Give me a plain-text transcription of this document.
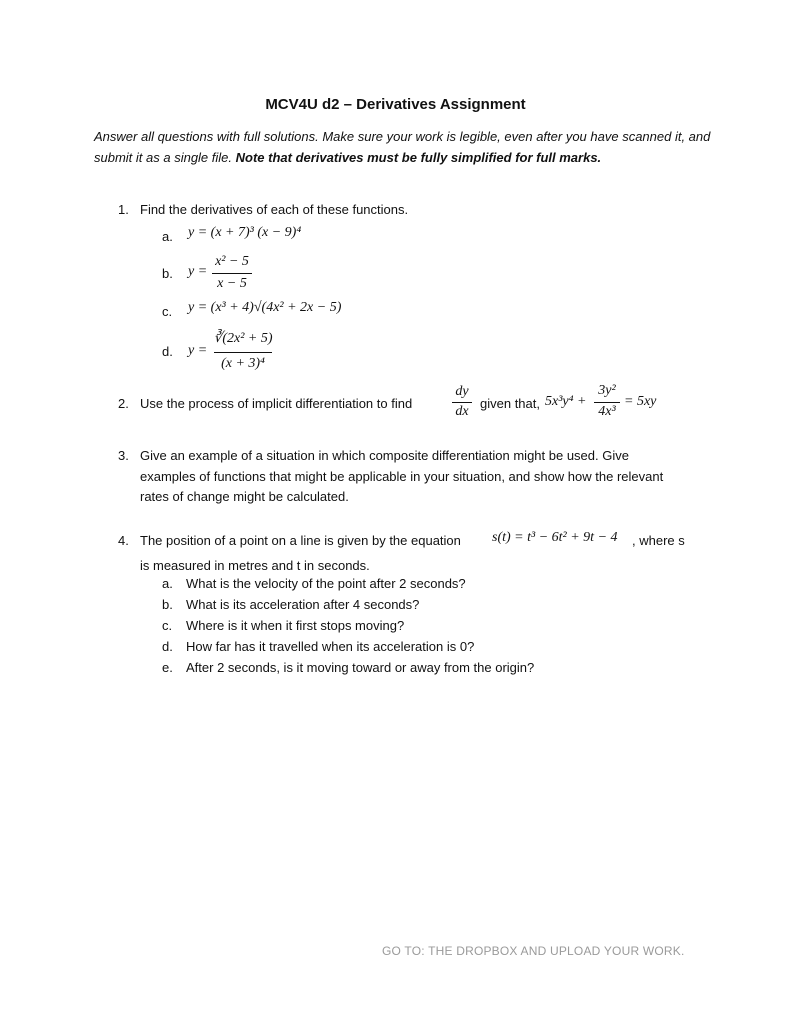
MCV4U d2 – Derivatives Assignment
Answer all questions with full solutions. Make sure your work is legible, even after you have scanned it, and submit it as a single file. Note that derivatives must be fully simplified for full marks.
1. Find the derivatives of each of these functions.
a. y = (x + 7)³ (x − 9)⁴
b. y =
x² − 5
x − 5
c. y = (x³ + 4)√(4x² + 2x − 5)
d. y =
∛(2x² + 5)
(x + 3)⁴
2. Use the process of implicit differentiation to find
dy
dx
given that, 5x³y⁴ +
3y²
4x³
= 5xy
3. Give an example of a situation in which composite differentiation might be used. Give examples of functions that might be applicable in your situation, and show how the relevant rates of change might be calculated.
4. The position of a point on a line is given by the equation s(t) = t³ − 6t² + 9t − 4 , where s
is measured in metres and t in seconds.
a. What is the velocity of the point after 2 seconds?
b. What is its acceleration after 4 seconds?
c. Where is it when it first stops moving?
d. How far has it travelled when its acceleration is 0?
e. After 2 seconds, is it moving toward or away from the origin?
GO TO: THE DROPBOX AND UPLOAD YOUR WORK.
